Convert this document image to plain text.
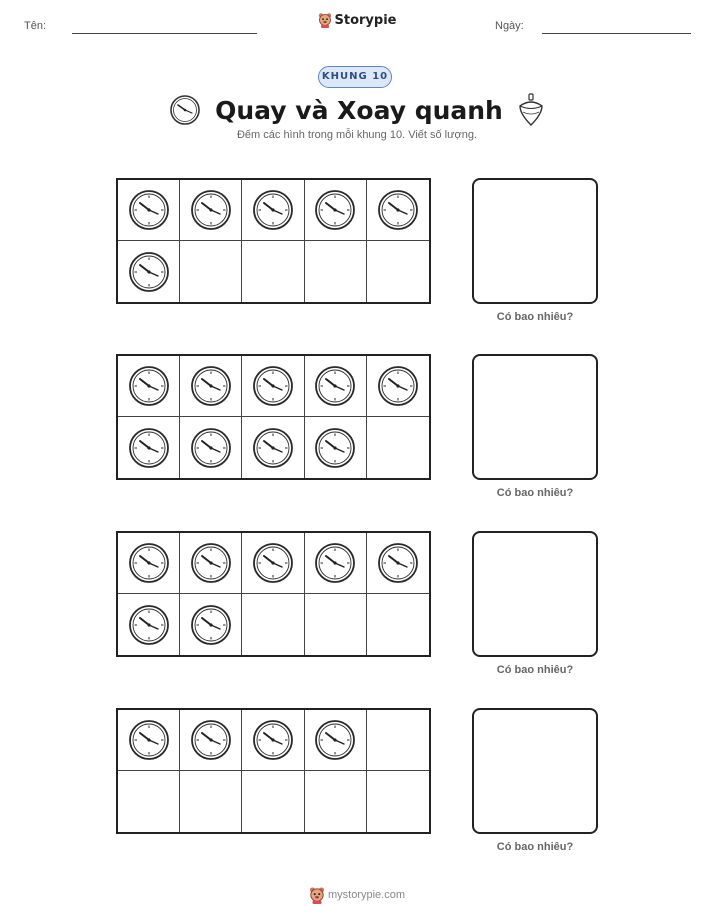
Tên:	Storypie	Ngày:
KHUNG 10
Quay và Xoay quanh
Đếm các hình trong mỗi khung 10. Viết số lượng.
Có bao nhiêu?
Có bao nhiêu?
Có bao nhiêu?
Có bao nhiêu?
mystorypie.com
